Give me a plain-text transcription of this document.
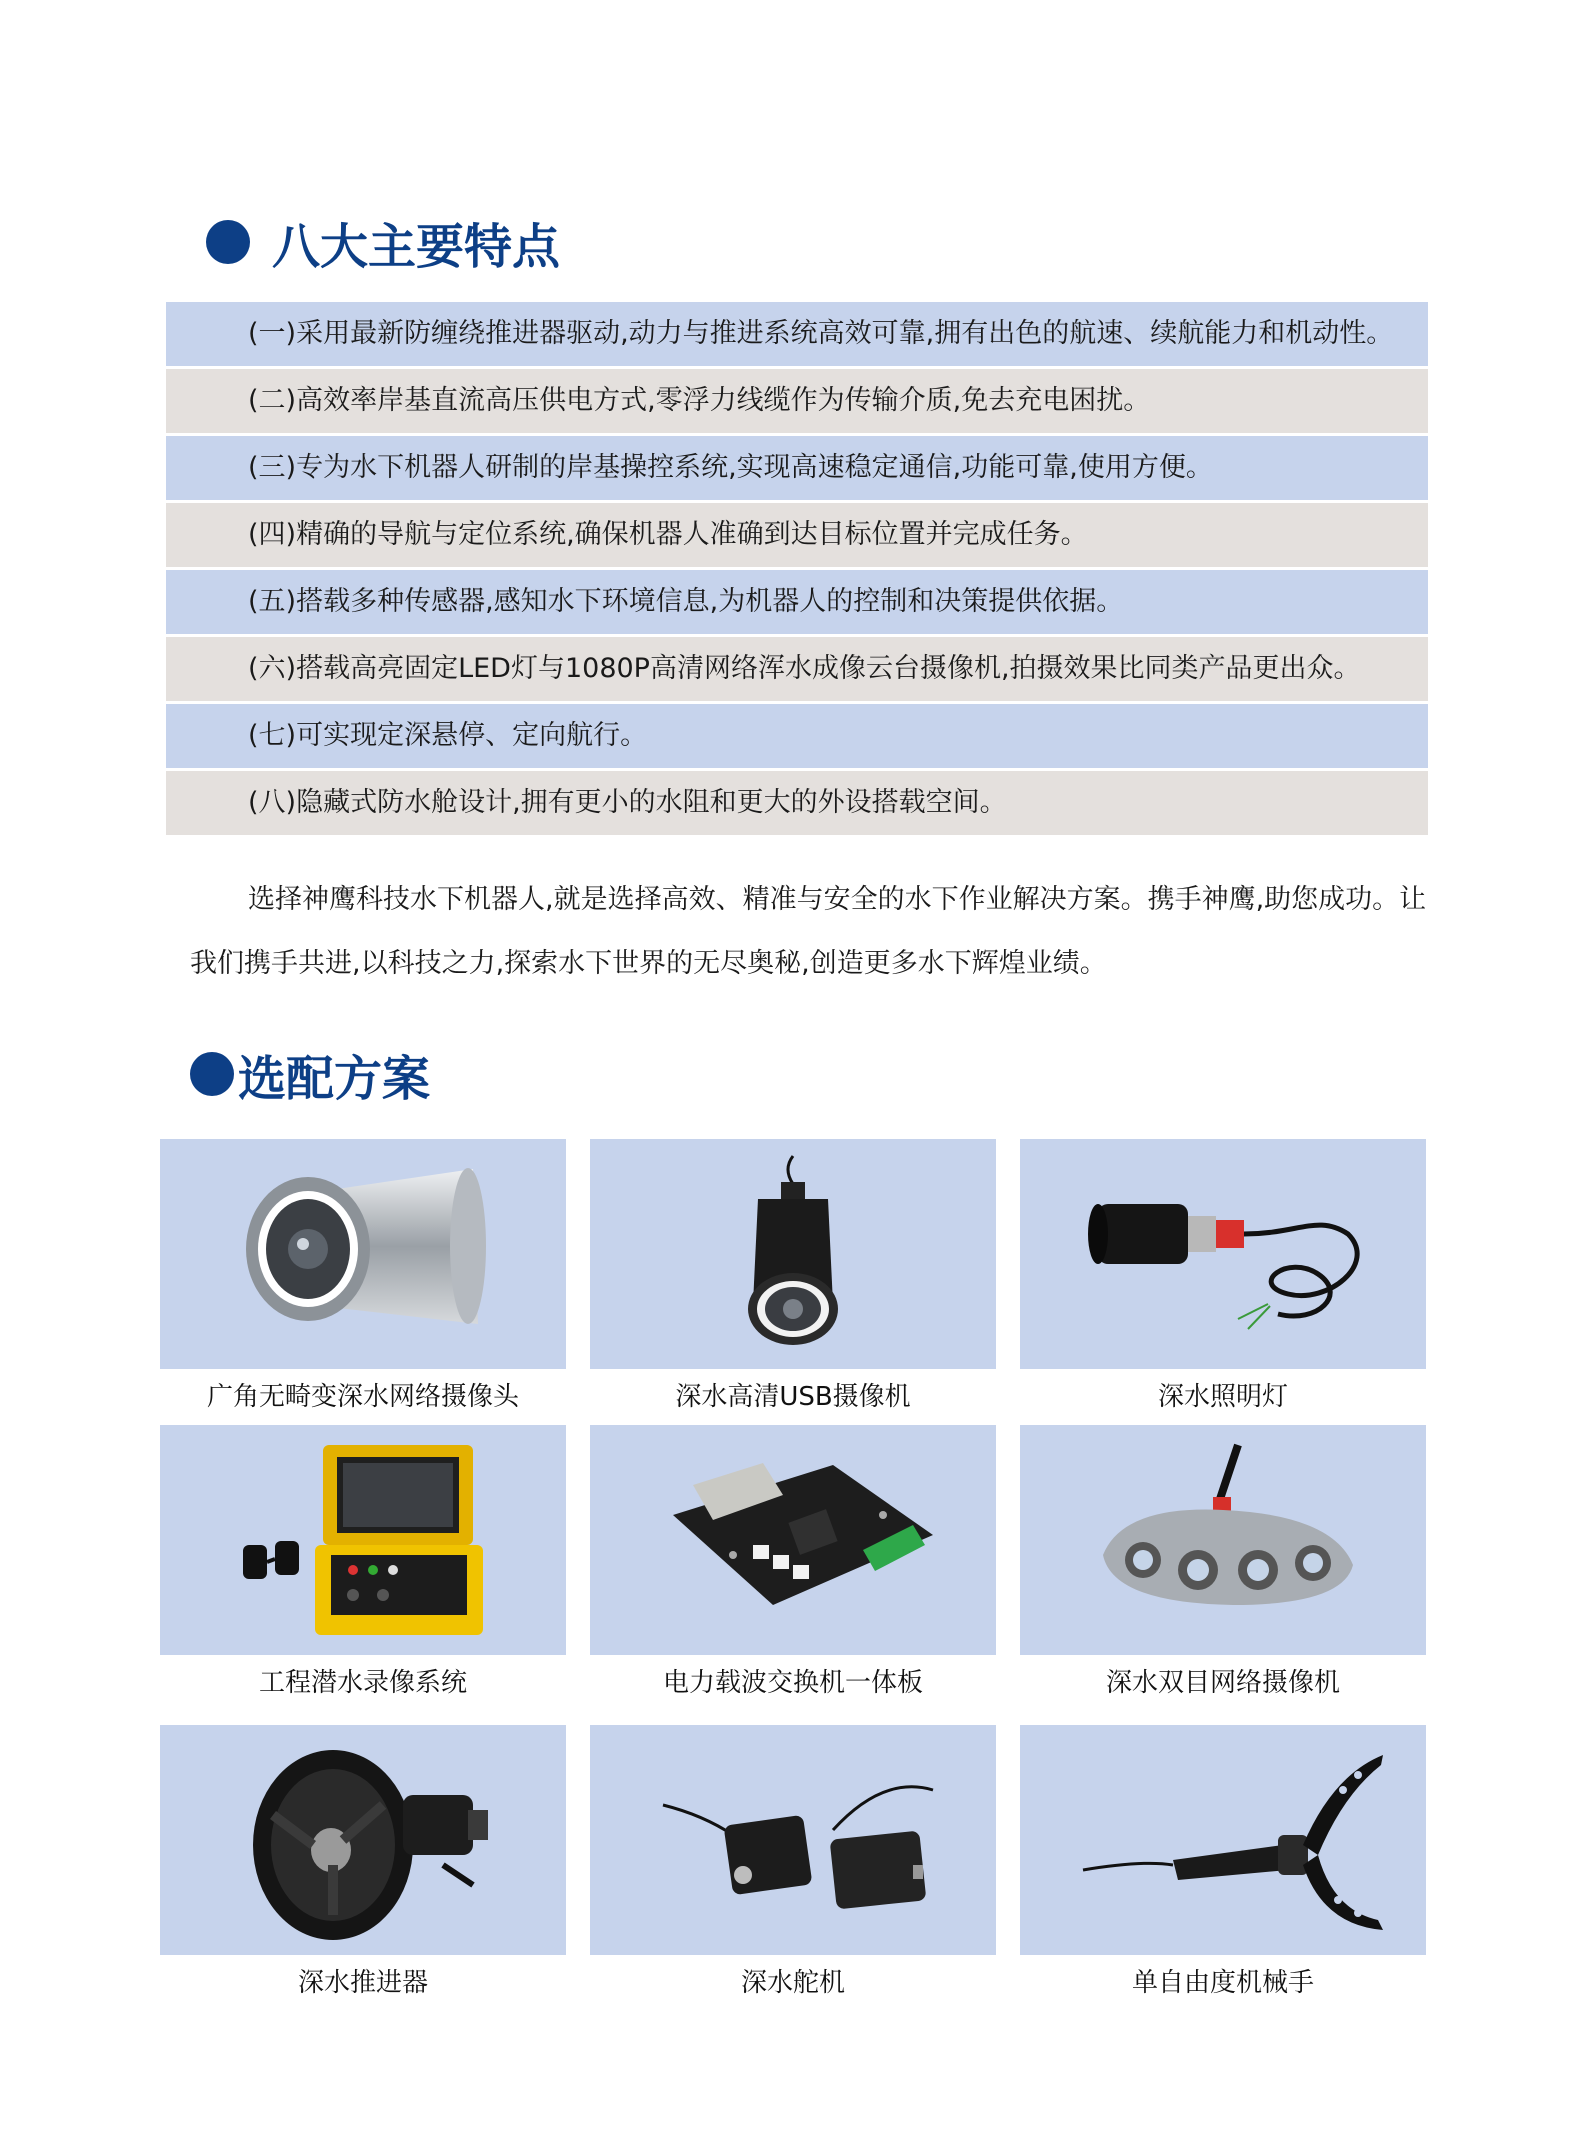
八大主要特点
(一)采用最新防缠绕推进器驱动,动力与推进系统高效可靠,拥有出色的航速、续航能力和机动性。
(二)高效率岸基直流高压供电方式,零浮力线缆作为传输介质,免去充电困扰。
(三)专为水下机器人研制的岸基操控系统,实现高速稳定通信,功能可靠,使用方便。
(四)精确的导航与定位系统,确保机器人准确到达目标位置并完成任务。
(五)搭载多种传感器,感知水下环境信息,为机器人的控制和决策提供依据。
(六)搭载高亮固定LED灯与1080P高清网络浑水成像云台摄像机,拍摄效果比同类产品更出众。
(七)可实现定深悬停、定向航行。
(八)隐藏式防水舱设计,拥有更小的水阻和更大的外设搭载空间。
选择神鹰科技水下机器人,就是选择高效、精准与安全的水下作业解决方案。携手神鹰,助您成功。让我们携手共进,以科技之力,探索水下世界的无尽奥秘,创造更多水下辉煌业绩。
选配方案
广角无畸变深水网络摄像头	深水高清USB摄像机	深水照明灯
工程潜水录像系统	电力载波交换机一体板	深水双目网络摄像机
深水推进器	深水舵机	单自由度机械手
